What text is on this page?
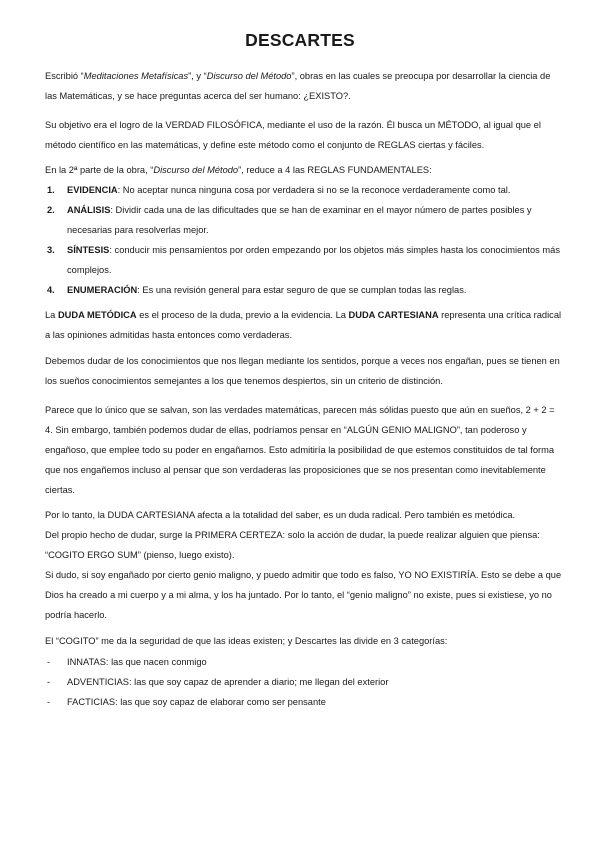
DESCARTES
Escribió “Meditaciones Metafísicas”, y “Discurso del Método”, obras en las cuales se preocupa por desarrollar la ciencia de las Matemáticas, y se hace preguntas acerca del ser humano: ¿EXISTO?.
Su objetivo era el logro de la VERDAD FILOSÓFICA, mediante el uso de la razón. Él busca un MÉTODO, al igual que el método científico en las matemáticas, y define este método como el conjunto de REGLAS ciertas y fáciles.
En la 2ª parte de la obra, “Discurso del Método”, reduce a 4 las REGLAS FUNDAMENTALES:
1. EVIDENCIA: No aceptar nunca ninguna cosa por verdadera si no se la reconoce verdaderamente como tal.
2. ANÁLISIS: Dividir cada una de las dificultades que se han de examinar en el mayor número de partes posibles y necesarias para resolverlas mejor.
3. SÍNTESIS: conducir mis pensamientos por orden empezando por los objetos más simples hasta los conocimientos más complejos.
4. ENUMERACIÓN: Es una revisión general para estar seguro de que se cumplan todas las reglas.
La DUDA METÓDICA es el proceso de la duda, previo a la evidencia. La DUDA CARTESIANA representa una crítica radical a las opiniones admitidas hasta entonces como verdaderas.
Debemos dudar de los conocimientos que nos llegan mediante los sentidos, porque a veces nos engañan, pues se tienen en los sueños conocimientos semejantes a los que tenemos despiertos, sin un criterio de distinción.
Parece que lo único que se salvan, son las verdades matemáticas, parecen más sólidas puesto que aún en sueños, 2 + 2 = 4. Sin embargo, también podemos dudar de ellas, podríamos pensar en “ALGÚN GENIO MALIGNO”, tan poderoso y engañoso, que emplee todo su poder en engañarnos. Esto admitiría la posibilidad de que estemos constituidos de tal forma que nos engañemos incluso al pensar que son verdaderas las proposiciones que se nos presentan como inevitablemente ciertas.
Por lo tanto, la DUDA CARTESIANA afecta a la totalidad del saber, es un duda radical. Pero también es metódica.
Del propio hecho de dudar, surge la PRIMERA CERTEZA: solo la acción de dudar, la puede realizar alguien que piensa: “COGITO ERGO SUM” (pienso, luego existo).
Si dudo, si soy engañado por cierto genio maligno, y puedo admitir que todo es falso, YO NO EXISTIRÍA. Esto se debe a que Dios ha creado a mi cuerpo y a mi alma, y los ha juntado. Por lo tanto, el “genio maligno” no existe, pues si existiese, yo no podría hacerlo.
El “COGITO” me da la seguridad de que las ideas existen; y Descartes las divide en 3 categorías:
- INNATAS: las que nacen conmigo
- ADVENTICIAS: las que soy capaz de aprender a diario; me llegan del exterior
- FACTICIAS: las que soy capaz de elaborar como ser pensante
